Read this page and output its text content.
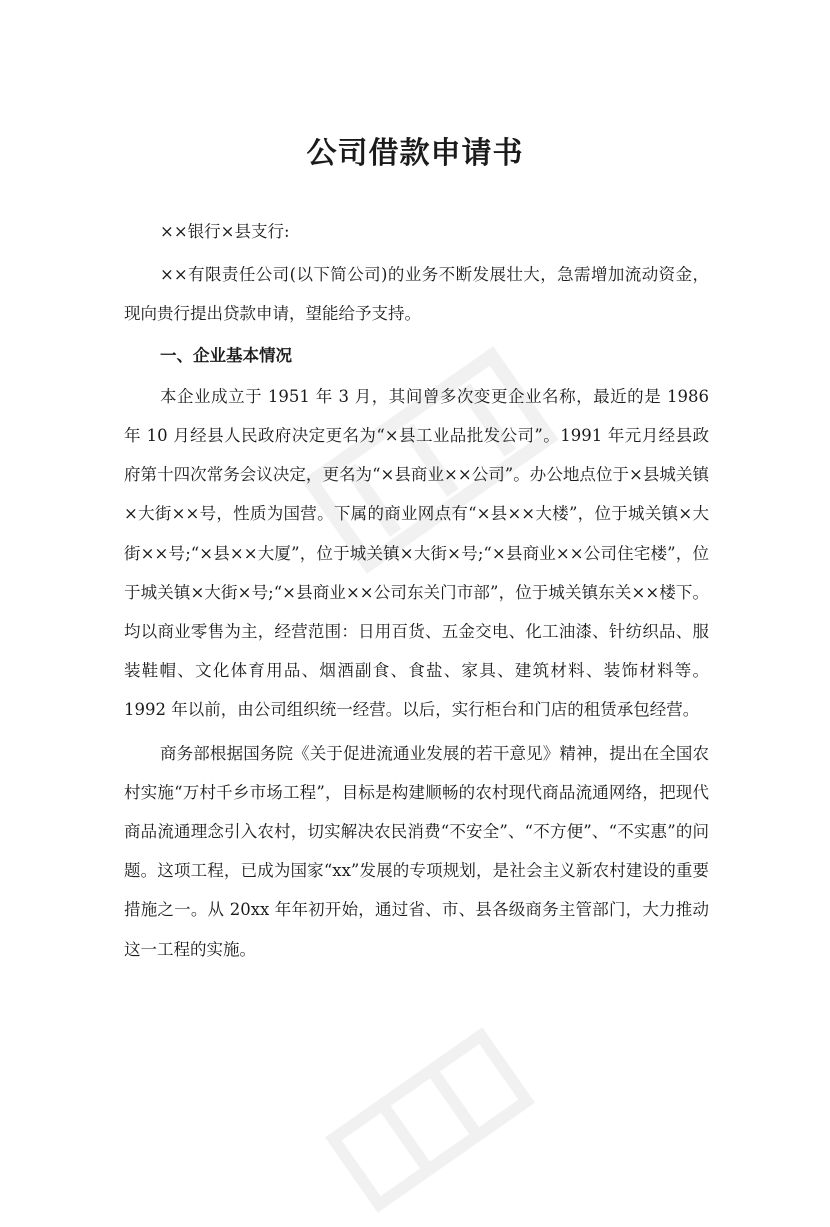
公司借款申请书

××银行×县支行:

××有限责任公司(以下简公司)的业务不断发展壮大，急需增加流动资金，现向贵行提出贷款申请，望能给予支持。

一、企业基本情况

本企业成立于 1951 年 3 月，其间曾多次变更企业名称，最近的是 1986 年 10 月经县人民政府决定更名为“×县工业品批发公司”。1991 年元月经县政府第十四次常务会议决定，更名为“×县商业××公司”。办公地点位于×县城关镇×大街××号，性质为国营。下属的商业网点有“×县××大楼”，位于城关镇×大街××号;“×县××大厦”，位于城关镇×大街×号;“×县商业××公司住宅楼”，位于城关镇×大街×号;“×县商业××公司东关门市部”，位于城关镇东关××楼下。均以商业零售为主，经营范围：日用百货、五金交电、化工油漆、针纺织品、服装鞋帽、文化体育用品、烟酒副食、食盐、家具、建筑材料、装饰材料等。1992 年以前，由公司组织统一经营。以后，实行柜台和门店的租赁承包经营。

商务部根据国务院《关于促进流通业发展的若干意见》精神，提出在全国农村实施“万村千乡市场工程”，目标是构建顺畅的农村现代商品流通网络，把现代商品流通理念引入农村，切实解决农民消费“不安全”、“不方便”、“不实惠”的问题。这项工程，已成为国家“xx”发展的专项规划，是社会主义新农村建设的重要措施之一。从 20xx 年年初开始，通过省、市、县各级商务主管部门，大力推动这一工程的实施。
